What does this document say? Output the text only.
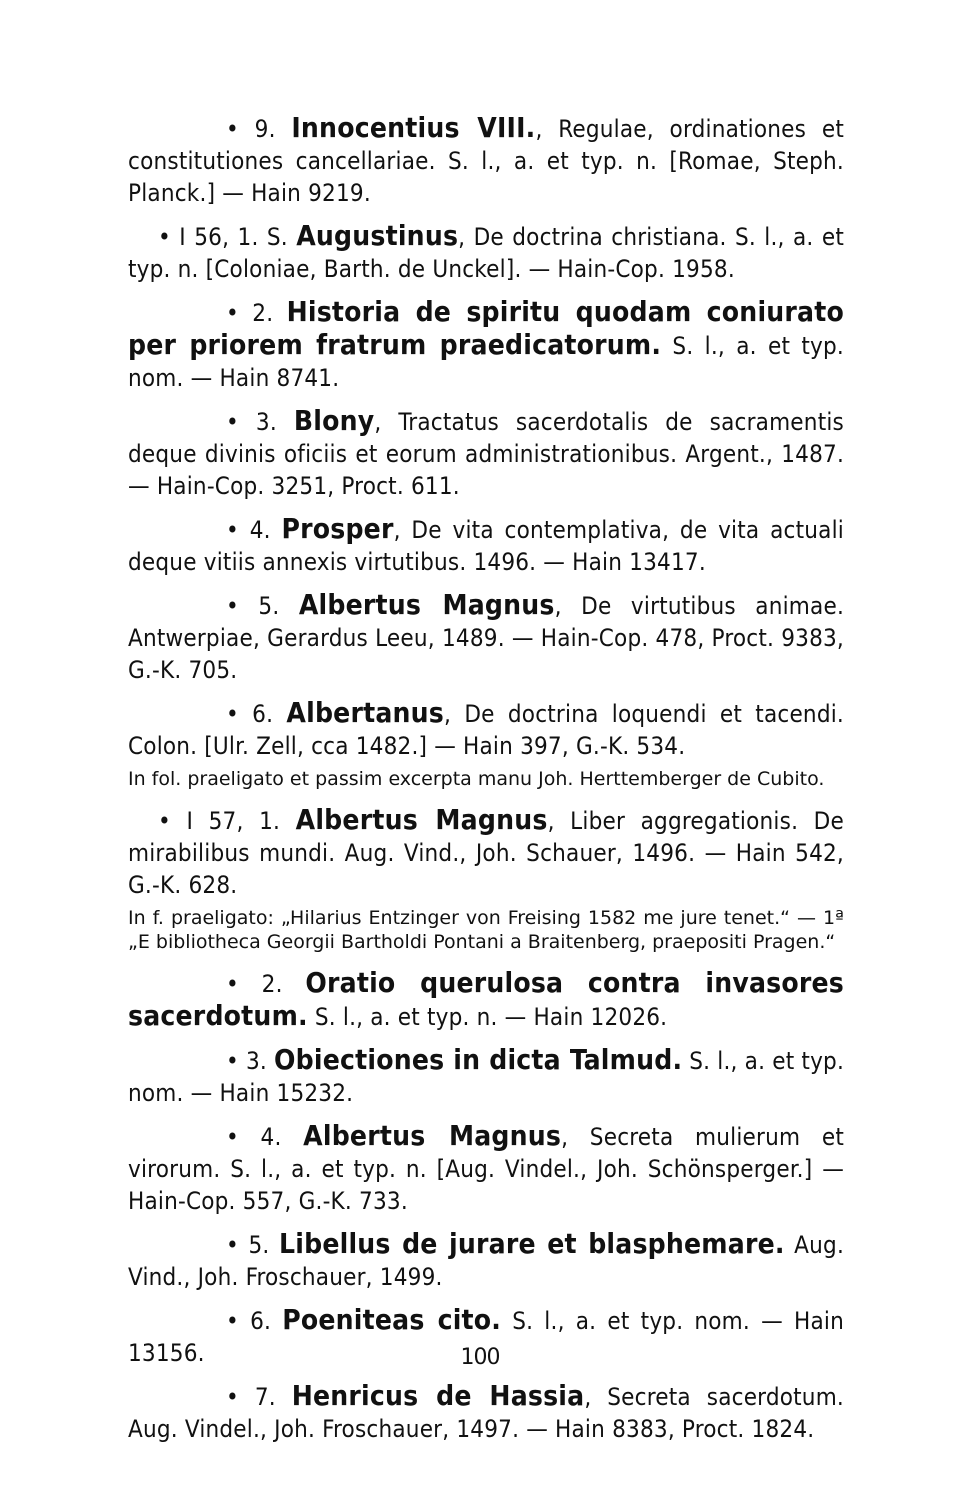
• 9. Innocentius VIII., Regulae, ordinationes et constitutiones cancellariae. S. l., a. et typ. n. [Romae, Steph. Planck.] — Hain 9219.
• I 56, 1. S. Augustinus, De doctrina christiana. S. l., a. et typ. n. [Coloniae, Barth. de Unckel]. — Hain-Cop. 1958.
• 2. Historia de spiritu quodam coniurato per priorem fratrum praedicatorum. S. l., a. et typ. nom. — Hain 8741.
• 3. Blony, Tractatus sacerdotalis de sacramentis deque divinis oficiis et eorum administrationibus. Argent., 1487. — Hain-Cop. 3251, Proct. 611.
• 4. Prosper, De vita contemplativa, de vita actuali deque vitiis annexis virtutibus. 1496. — Hain 13417.
• 5. Albertus Magnus, De virtutibus animae. Antwerpiae, Gerardus Leeu, 1489. — Hain-Cop. 478, Proct. 9383, G.-K. 705.
• 6. Albertanus, De doctrina loquendi et tacendi. Colon. [Ulr. Zell, cca 1482.] — Hain 397, G.-K. 534.
In fol. praeligato et passim excerpta manu Joh. Herttemberger de Cubito.
• I 57, 1. Albertus Magnus, Liber aggregationis. De mirabilibus mundi. Aug. Vind., Joh. Schauer, 1496. — Hain 542, G.-K. 628.
In f. praeligato: „Hilarius Entzinger von Freising 1582 me jure tenet.“ — 1ª „E bibliotheca Georgii Bartholdi Pontani a Braitenberg, praepositi Pragen.“
• 2. Oratio querulosa contra invasores sacerdotum. S. l., a. et typ. n. — Hain 12026.
• 3. Obiectiones in dicta Talmud. S. l., a. et typ. nom. — Hain 15232.
• 4. Albertus Magnus, Secreta mulierum et virorum. S. l., a. et typ. n. [Aug. Vindel., Joh. Schönsperger.] — Hain-Cop. 557, G.-K. 733.
• 5. Libellus de jurare et blasphemare. Aug. Vind., Joh. Froschauer, 1499.
• 6. Poeniteas cito. S. l., a. et typ. nom. — Hain 13156.
• 7. Henricus de Hassia, Secreta sacerdotum. Aug. Vindel., Joh. Froschauer, 1497. — Hain 8383, Proct. 1824.
100
